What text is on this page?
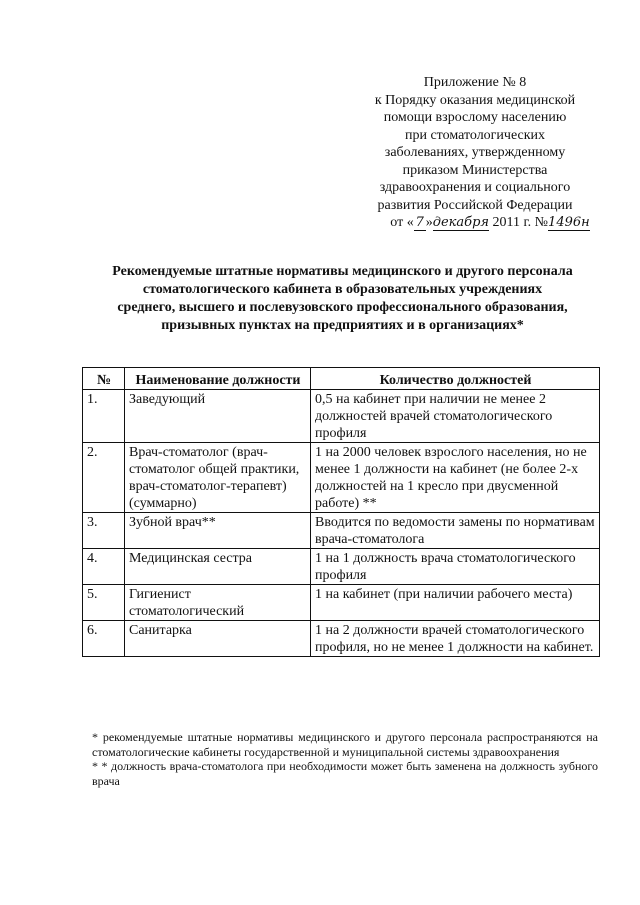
Приложение № 8
к Порядку оказания медицинской
помощи взрослому населению
при стоматологических
заболеваниях, утвержденному
приказом Министерства
здравоохранения и социального
развития Российской Федерации
от « 7 »декабря 2011 г. №1496н
Рекомендуемые штатные нормативы медицинского и другого персонала
стоматологического кабинета в образовательных учреждениях
среднего, высшего и послевузовского профессионального образования,
призывных пунктах на предприятиях и в организациях*
№	Наименование должности	Количество должностей
1.	Заведующий	0,5 на кабинет при наличии не менее 2 должностей врачей стоматологического профиля
2.	Врач-стоматолог (врач-стоматолог общей практики, врач-стоматолог-терапевт) (суммарно)	1 на 2000 человек взрослого населения, но не менее 1 должности на кабинет (не более 2-х должностей на 1 кресло при двусменной работе) **
3.	Зубной врач**	Вводится по ведомости замены по нормативам врача-стоматолога
4.	Медицинская сестра	1 на 1 должность врача стоматологического профиля
5.	Гигиенист стоматологический	1 на кабинет (при наличии рабочего места)
6.	Санитарка	1 на 2 должности врачей стоматологического профиля, но не менее 1 должности на кабинет.

* рекомендуемые штатные нормативы медицинского и другого персонала распространяются на стоматологические кабинеты государственной и муниципальной системы здравоохранения

* * должность врача-стоматолога при необходимости может быть заменена на должность зубного врача
